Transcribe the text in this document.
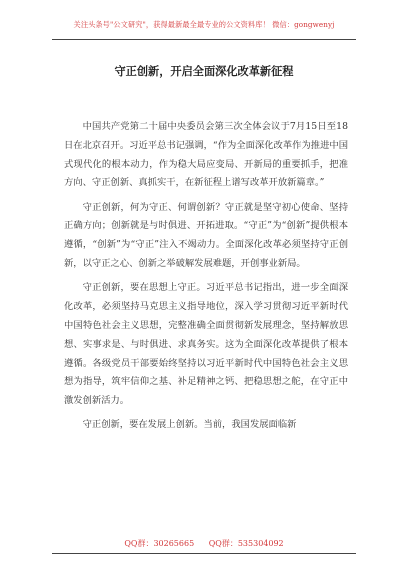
关注头条号"公文研究"，获得最新最全最专业的公文资料库！ 微信：gongwenyj
守正创新，开启全面深化改革新征程

中国共产党第二十届中央委员会第三次全体会议于7月15日至18日在北京召开。习近平总书记强调，“作为全面深化改革作为推进中国式现代化的根本动力，作为稳大局应变局、开新局的重要抓手，把准方向、守正创新、真抓实干，在新征程上谱写改革开放新篇章。”

守正创新，何为守正、何谓创新？守正就是坚守初心使命、坚持正确方向；创新就是与时俱进、开拓进取。“守正”为“创新”提供根本遵循，“创新”为“守正”注入不竭动力。全面深化改革必须坚持守正创新，以守正之心、创新之举破解发展难题，开创事业新局。

守正创新，要在思想上守正。习近平总书记指出，进一步全面深化改革，必须坚持马克思主义指导地位，深入学习贯彻习近平新时代中国特色社会主义思想，完整准确全面贯彻新发展理念，坚持解放思想、实事求是、与时俱进、求真务实。这为全面深化改革提供了根本遵循。各级党员干部要始终坚持以习近平新时代中国特色社会主义思想为指导，筑牢信仰之基、补足精神之钙、把稳思想之舵，在守正中激发创新活力。

守正创新，要在发展上创新。当前，我国发展面临新

QQ群：30265665 QQ群：535304092
